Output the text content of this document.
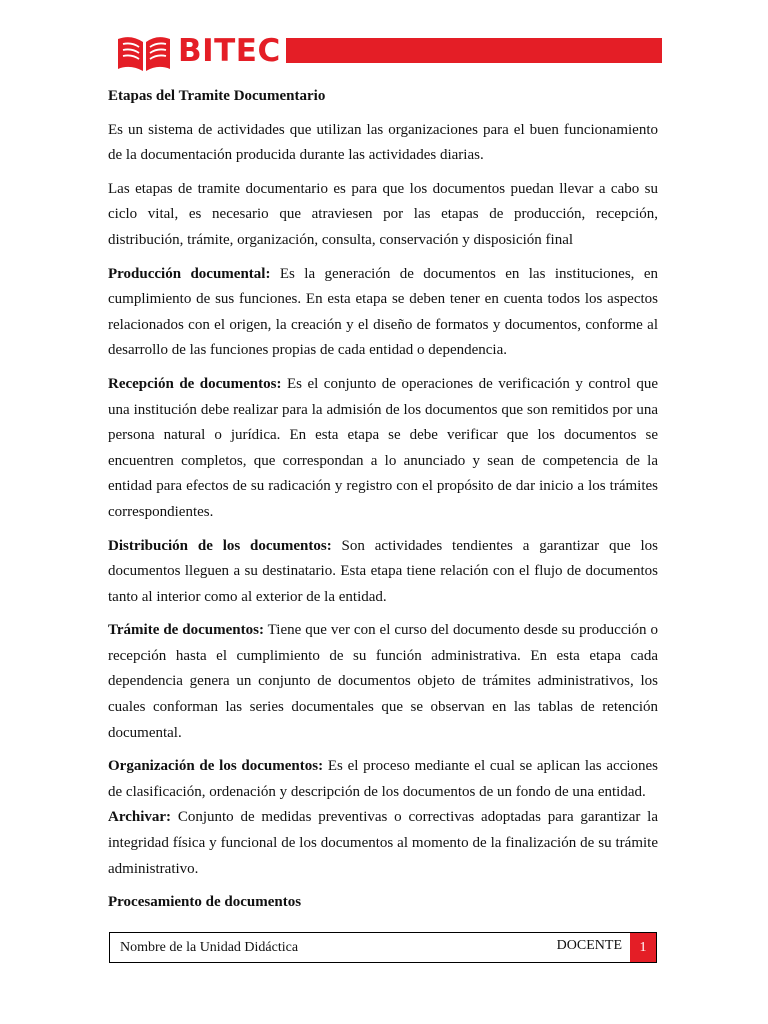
BITEC

Etapas del Tramite Documentario

Es un sistema de actividades que utilizan las organizaciones para el buen funcionamiento de la documentación producida durante las actividades diarias.

Las etapas de tramite documentario es para que los documentos puedan llevar a cabo su ciclo vital, es necesario que atraviesen por las etapas de producción, recepción, distribución, trámite, organización, consulta, conservación y disposición final

Producción documental: Es la generación de documentos en las instituciones, en cumplimiento de sus funciones. En esta etapa se deben tener en cuenta todos los aspectos relacionados con el origen, la creación y el diseño de formatos y documentos, conforme al desarrollo de las funciones propias de cada entidad o dependencia.

Recepción de documentos: Es el conjunto de operaciones de verificación y control que una institución debe realizar para la admisión de los documentos que son remitidos por una persona natural o jurídica. En esta etapa se debe verificar que los documentos se encuentren completos, que correspondan a lo anunciado y sean de competencia de la entidad para efectos de su radicación y registro con el propósito de dar inicio a los trámites correspondientes.

Distribución de los documentos: Son actividades tendientes a garantizar que los documentos lleguen a su destinatario. Esta etapa tiene relación con el flujo de documentos tanto al interior como al exterior de la entidad.

Trámite de documentos: Tiene que ver con el curso del documento desde su producción o recepción hasta el cumplimiento de su función administrativa. En esta etapa cada dependencia genera un conjunto de documentos objeto de trámites administrativos, los cuales conforman las series documentales que se observan en las tablas de retención documental.

Organización de los documentos: Es el proceso mediante el cual se aplican las acciones de clasificación, ordenación y descripción de los documentos de un fondo de una entidad.

Archivar: Conjunto de medidas preventivas o correctivas adoptadas para garantizar la integridad física y funcional de los documentos al momento de la finalización de su trámite administrativo.

Procesamiento de documentos

Nombre de la Unidad Didáctica	DOCENTE	1
